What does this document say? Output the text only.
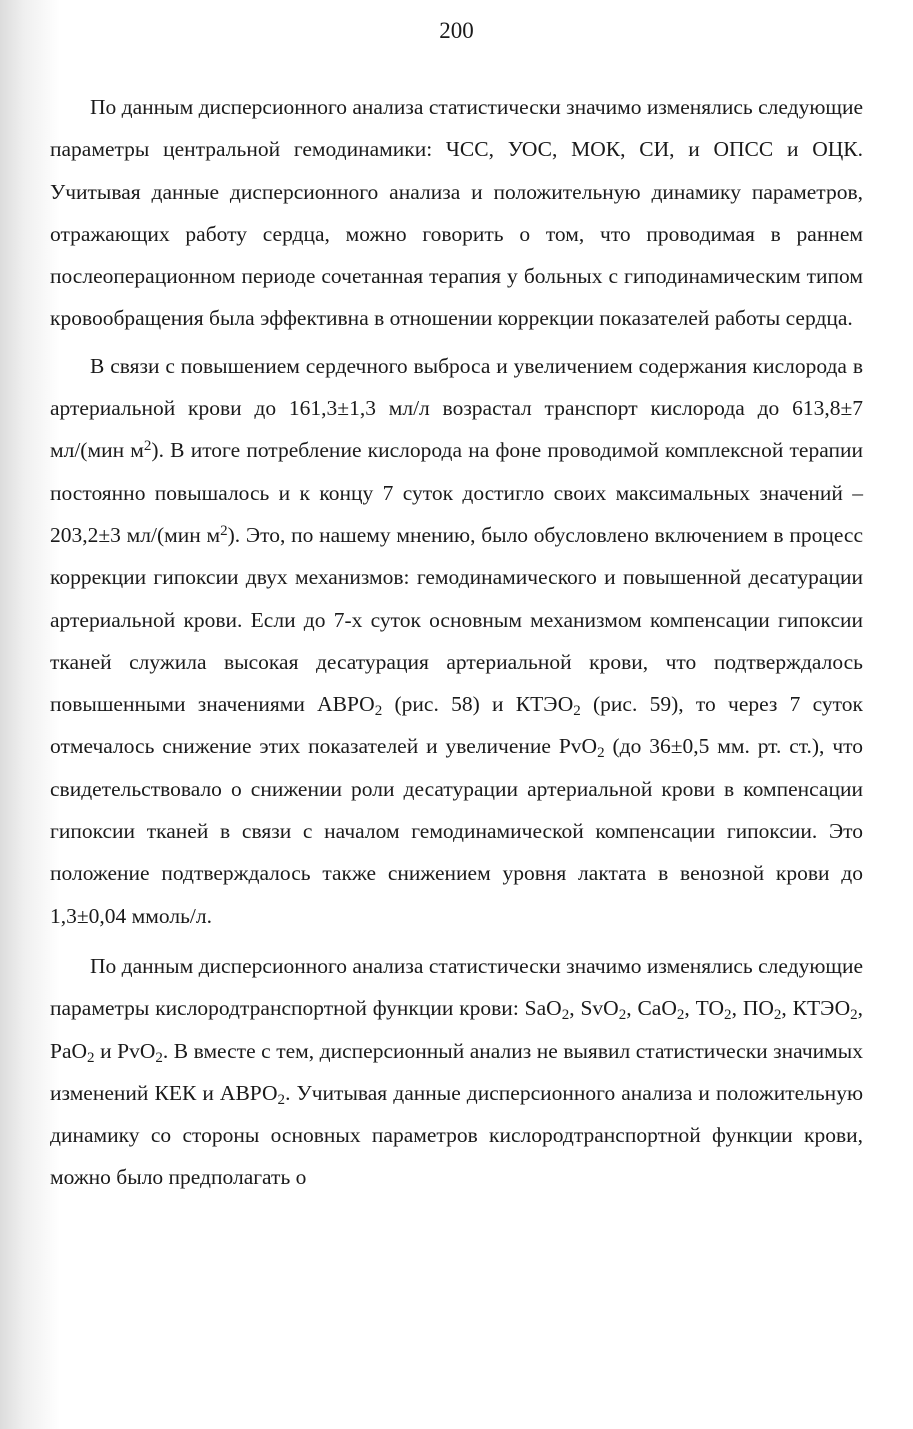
200

По данным дисперсионного анализа статистически значимо изменялись следующие параметры центральной гемодинамики: ЧСС, УОС, МОК, СИ, и ОПСС и ОЦК. Учитывая данные дисперсионного анализа и положительную динамику параметров, отражающих работу сердца, можно говорить о том, что проводимая в раннем послеоперационном периоде сочетанная терапия у больных с гиподинамическим типом кровообращения была эффективна в отношении коррекции показателей работы сердца.

В связи с повышением сердечного выброса и увеличением содержания кислорода в артериальной крови до 161,3±1,3 мл/л возрастал транспорт кислорода до 613,8±7 мл/(мин $м^2$). В итоге потребление кислорода на фоне проводимой комплексной терапии постоянно повышалось и к концу 7 суток достигло своих максимальных значений – 203,2±3 мл/(мин $м^2$). Это, по нашему мнению, было обусловлено включением в процесс коррекции гипоксии двух механизмов: гемодинамического и повышенной десатурации артериальной крови. Если до 7-х суток основным механизмом компенсации гипоксии тканей служила высокая десатурация артериальной крови, что подтверждалось повышенными значениями $АВРО_2$ (рис. 58) и $КТЭО_2$ (рис. 59), то через 7 суток отмечалось снижение этих показателей и увеличение PvO$_2$ (до 36±0,5 мм. рт. ст.), что свидетельствовало о снижении роли десатурации артериальной крови в компенсации гипоксии тканей в связи с началом гемодинамической компенсации гипоксии. Это положение подтверждалось также снижением уровня лактата в венозной крови до 1,3±0,04 ммоль/л.

По данным дисперсионного анализа статистически значимо изменялись следующие параметры кислородтранспортной функции крови: SaO$_2$, SvO$_2$, CaO$_2$, $ТО_2$, $ПО_2$, $КТЭО_2$, PaO$_2$ и PvO$_2$. В вместе с тем, дисперсионный анализ не выявил статистически значимых изменений КЕК и $АВРО_2$. Учитывая данные дисперсионного анализа и положительную динамику со стороны основных параметров кислородтранспортной функции крови, можно было предполагать о
